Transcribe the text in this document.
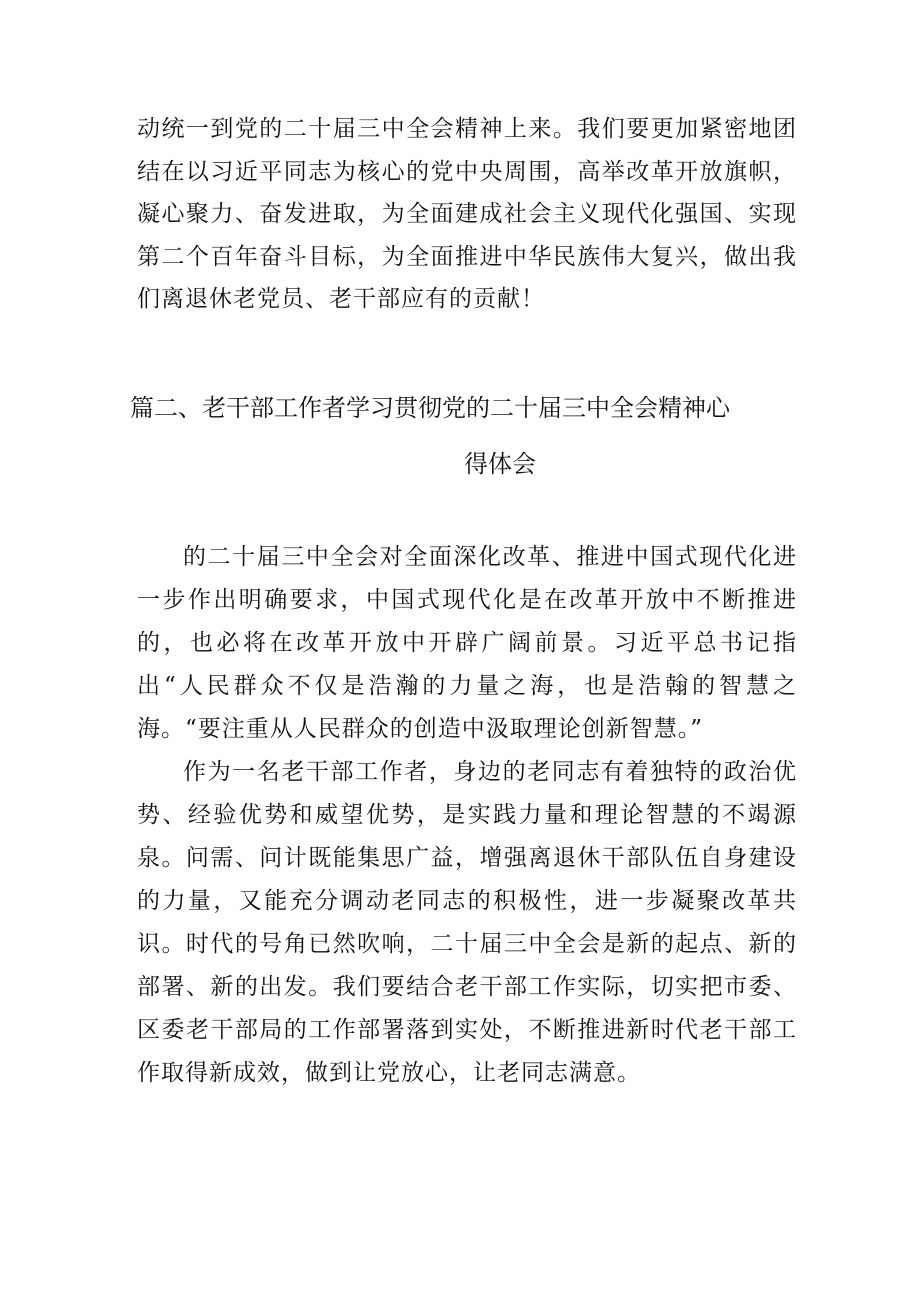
动统一到党的二十届三中全会精神上来。我们要更加紧密地团结在以习近平同志为核心的党中央周围，高举改革开放旗帜，凝心聚力、奋发进取，为全面建成社会主义现代化强国、实现第二个百年奋斗目标，为全面推进中华民族伟大复兴，做出我们离退休老党员、老干部应有的贡献！
篇二、老干部工作者学习贯彻党的二十届三中全会精神心
得体会

的二十届三中全会对全面深化改革、推进中国式现代化进一步作出明确要求，中国式现代化是在改革开放中不断推进的，也必将在改革开放中开辟广阔前景。习近平总书记指出“人民群众不仅是浩瀚的力量之海，也是浩翰的智慧之海。“要注重从人民群众的创造中汲取理论创新智慧。”

作为一名老干部工作者，身边的老同志有着独特的政治优势、经验优势和威望优势，是实践力量和理论智慧的不竭源泉。问需、问计既能集思广益，增强离退休干部队伍自身建设的力量，又能充分调动老同志的积极性，进一步凝聚改革共识。时代的号角已然吹响，二十届三中全会是新的起点、新的部署、新的出发。我们要结合老干部工作实际，切实把市委、区委老干部局的工作部署落到实处，不断推进新时代老干部工作取得新成效，做到让党放心，让老同志满意。
